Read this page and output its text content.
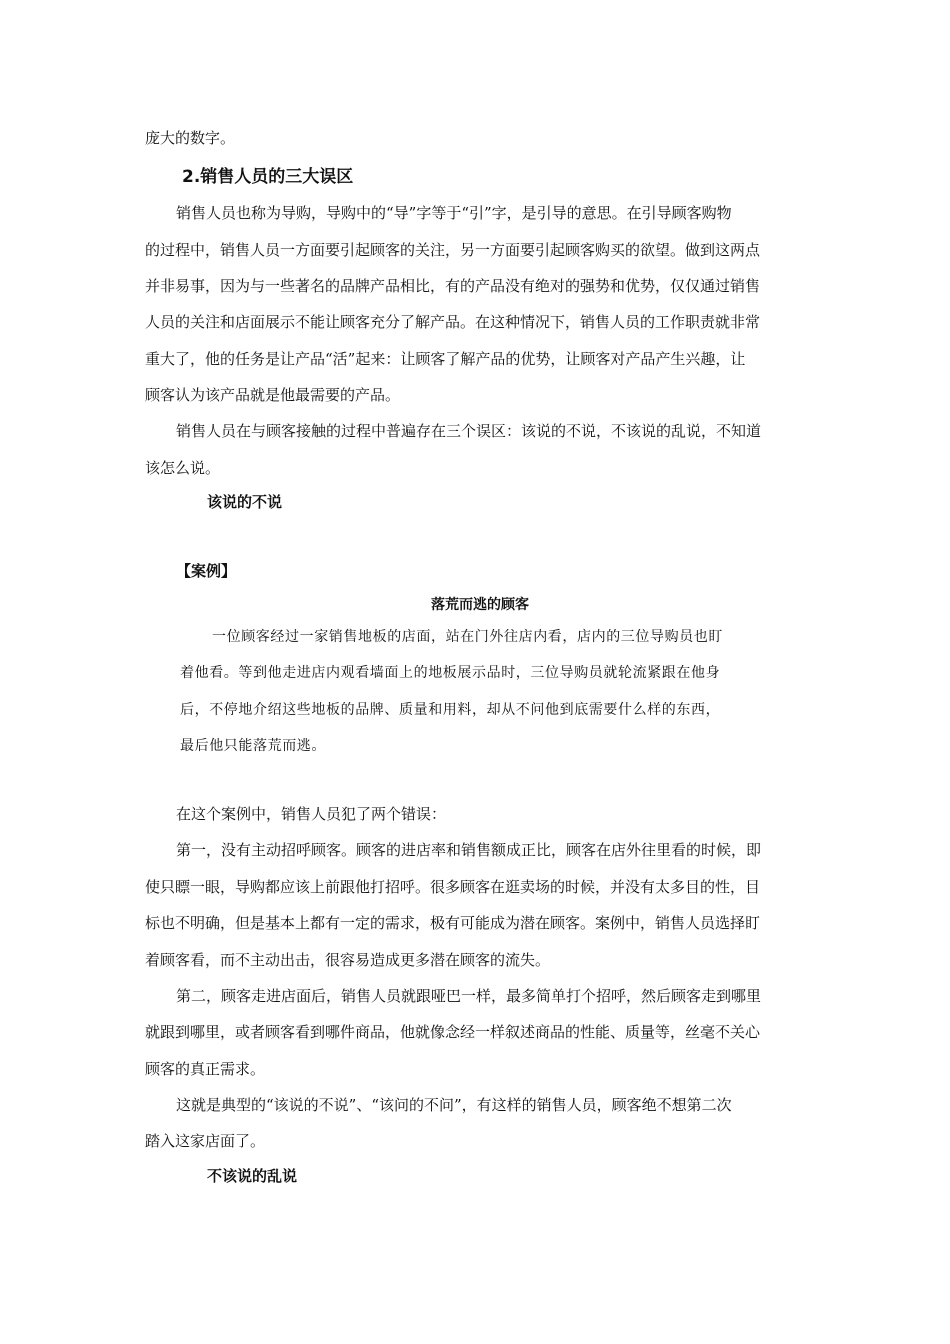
庞大的数字。
2.销售人员的三大误区
销售人员也称为导购，导购中的“导”字等于“引”字，是引导的意思。在引导顾客购物
的过程中，销售人员一方面要引起顾客的关注，另一方面要引起顾客购买的欲望。做到这两点
并非易事，因为与一些著名的品牌产品相比，有的产品没有绝对的强势和优势，仅仅通过销售
人员的关注和店面展示不能让顾客充分了解产品。在这种情况下，销售人员的工作职责就非常
重大了，他的任务是让产品“活”起来：让顾客了解产品的优势，让顾客对产品产生兴趣，让
顾客认为该产品就是他最需要的产品。
销售人员在与顾客接触的过程中普遍存在三个误区：该说的不说，不该说的乱说，不知道
该怎么说。
该说的不说
【案例】
落荒而逃的顾客
一位顾客经过一家销售地板的店面，站在门外往店内看，店内的三位导购员也盯
着他看。等到他走进店内观看墙面上的地板展示品时，三位导购员就轮流紧跟在他身
后，不停地介绍这些地板的品牌、质量和用料，却从不问他到底需要什么样的东西，
最后他只能落荒而逃。
在这个案例中，销售人员犯了两个错误：
第一，没有主动招呼顾客。顾客的进店率和销售额成正比，顾客在店外往里看的时候，即
使只瞟一眼，导购都应该上前跟他打招呼。很多顾客在逛卖场的时候，并没有太多目的性，目
标也不明确，但是基本上都有一定的需求，极有可能成为潜在顾客。案例中，销售人员选择盯
着顾客看，而不主动出击，很容易造成更多潜在顾客的流失。
第二，顾客走进店面后，销售人员就跟哑巴一样，最多简单打个招呼，然后顾客走到哪里
就跟到哪里，或者顾客看到哪件商品，他就像念经一样叙述商品的性能、质量等，丝毫不关心
顾客的真正需求。
这就是典型的“该说的不说”、“该问的不问”，有这样的销售人员，顾客绝不想第二次
踏入这家店面了。
不该说的乱说
